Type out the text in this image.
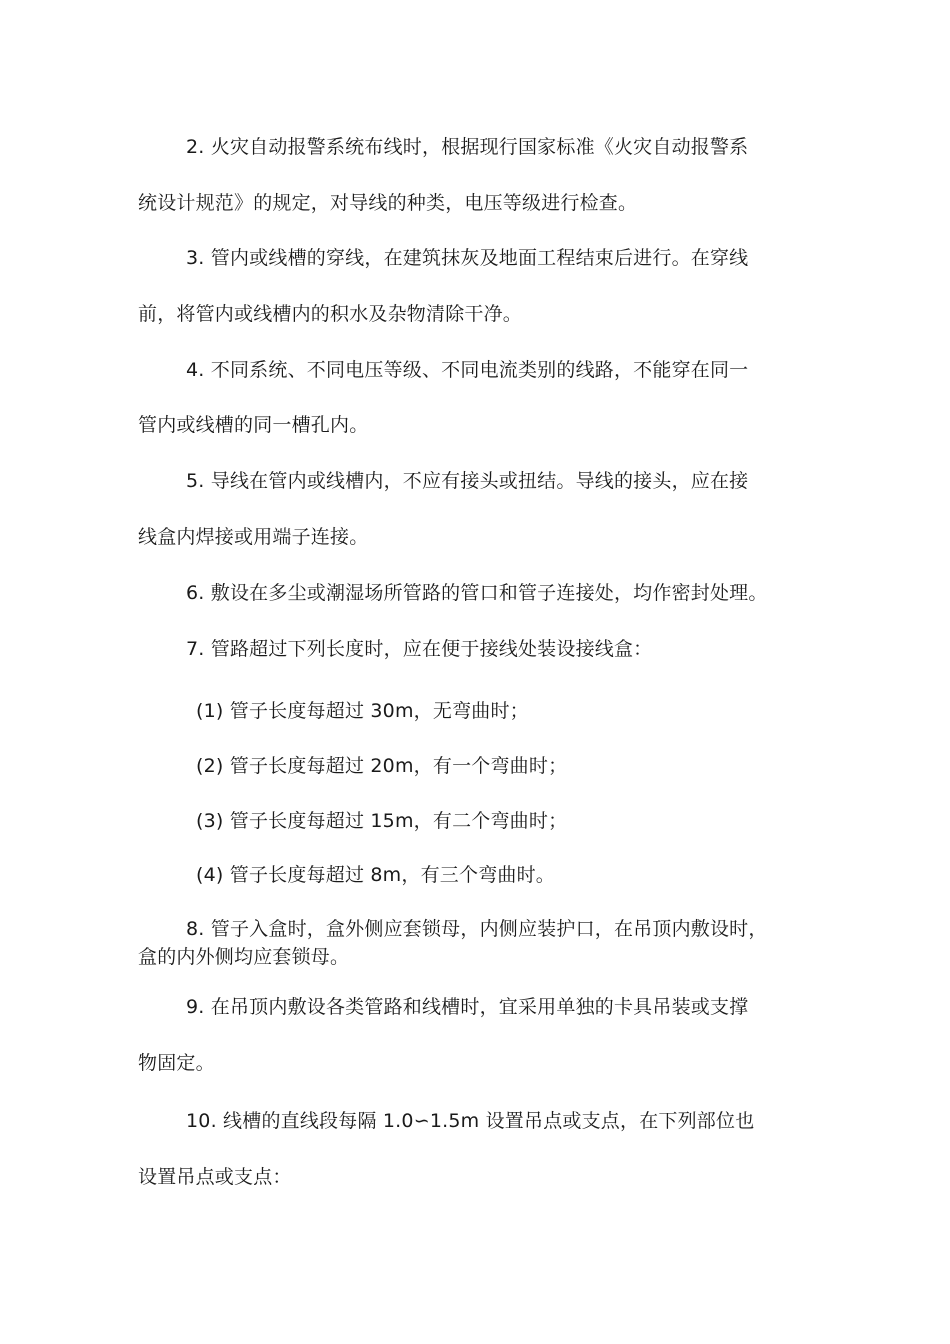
2. 火灾自动报警系统布线时，根据现行国家标准《火灾自动报警系
统设计规范》的规定，对导线的种类，电压等级进行检查。
3. 管内或线槽的穿线，在建筑抹灰及地面工程结束后进行。在穿线
前，将管内或线槽内的积水及杂物清除干净。
4. 不同系统、不同电压等级、不同电流类别的线路，不能穿在同一
管内或线槽的同一槽孔内。
5. 导线在管内或线槽内，不应有接头或扭结。导线的接头，应在接
线盒内焊接或用端子连接。
6. 敷设在多尘或潮湿场所管路的管口和管子连接处，均作密封处理。
7. 管路超过下列长度时，应在便于接线处装设接线盒：
(1) 管子长度每超过 30m，无弯曲时；
(2) 管子长度每超过 20m，有一个弯曲时；
(3) 管子长度每超过 15m，有二个弯曲时；
(4) 管子长度每超过 8m，有三个弯曲时。
8. 管子入盒时，盒外侧应套锁母，内侧应装护口，在吊顶内敷设时，
盒的内外侧均应套锁母。
9. 在吊顶内敷设各类管路和线槽时，宜采用单独的卡具吊装或支撑
物固定。
10. 线槽的直线段每隔 1.0∽1.5m 设置吊点或支点，在下列部位也
设置吊点或支点：
